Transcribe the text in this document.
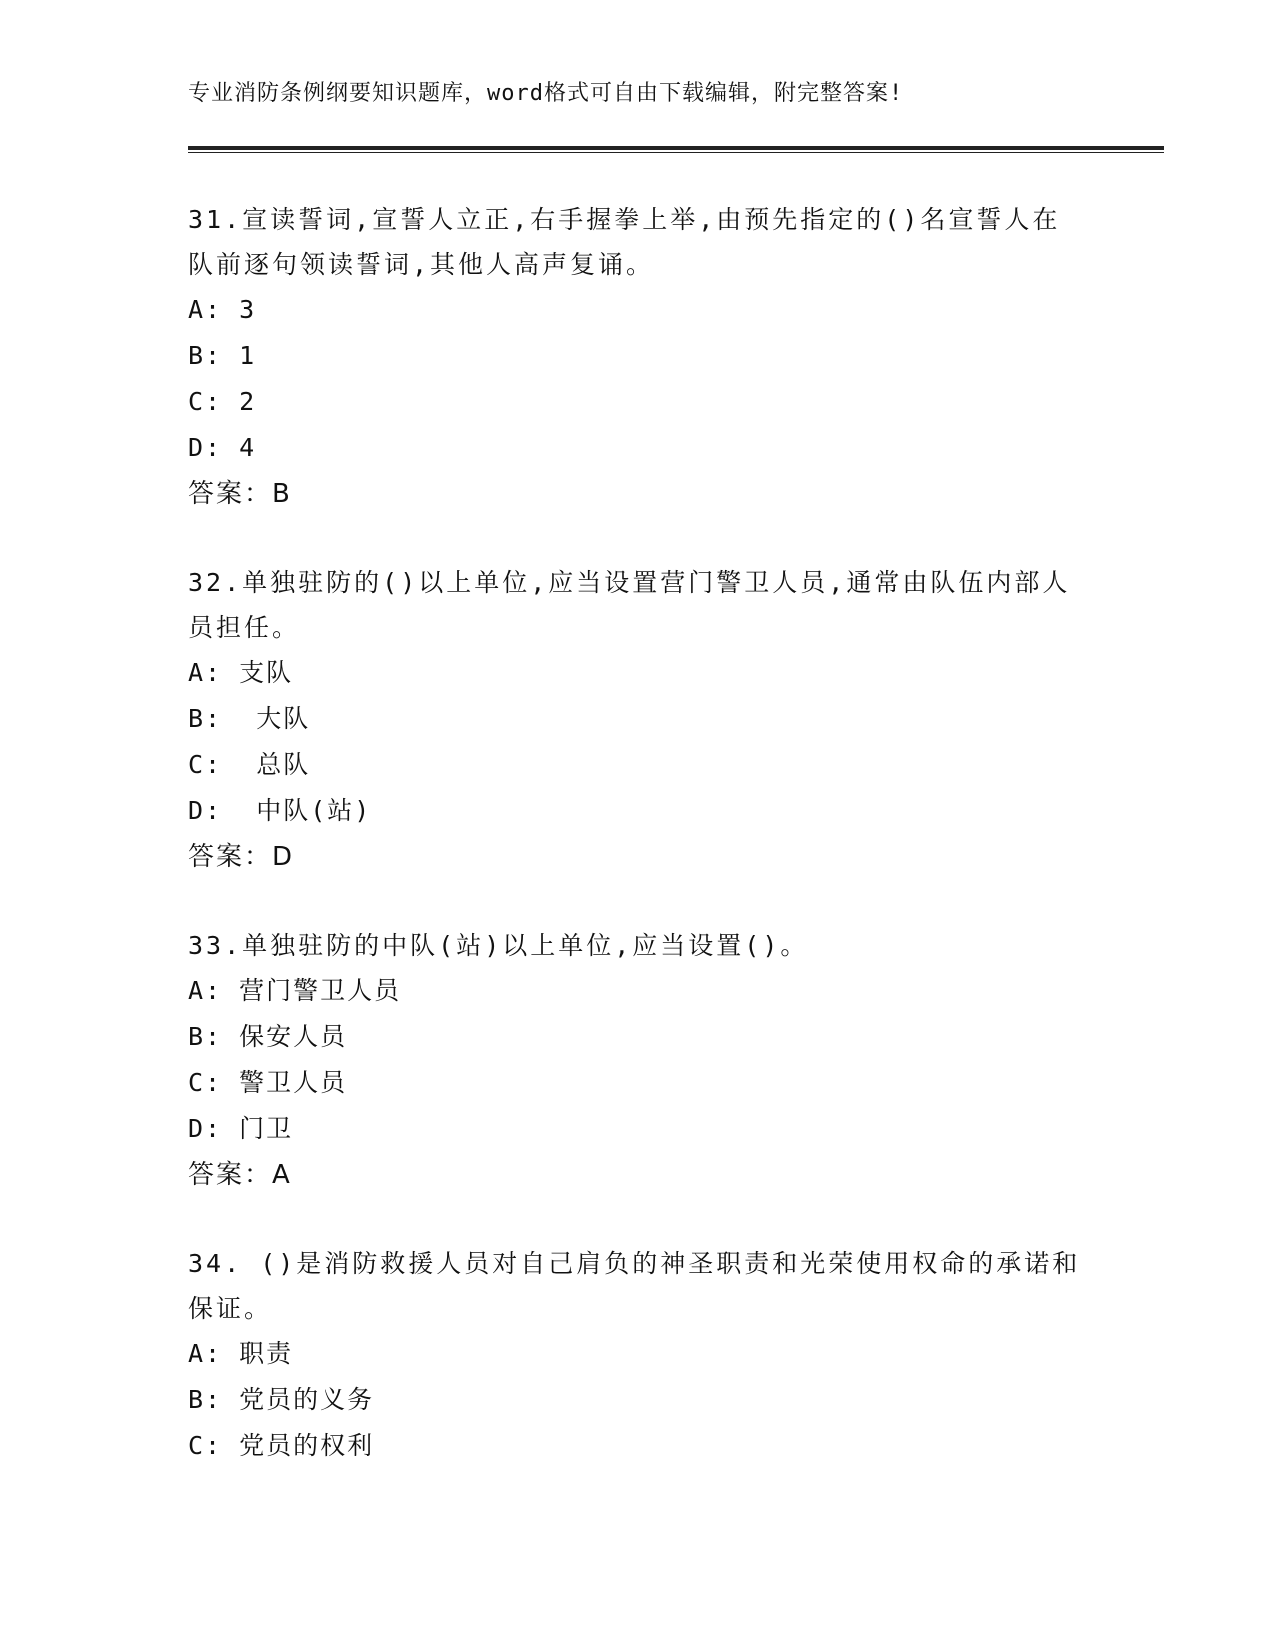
专业消防条例纲要知识题库，word格式可自由下载编辑，附完整答案!

31.宣读誓词,宣誓人立正,右手握拳上举,由预先指定的()名宣誓人在队前逐句领读誓词,其他人高声复诵。

A: 3
B: 1
C: 2
D: 4
答案：B

32.单独驻防的()以上单位,应当设置营门警卫人员,通常由队伍内部人员担任。

A: 支队
B:  大队
C:  总队
D:  中队(站)
答案：D

33.单独驻防的中队(站)以上单位,应当设置()。

A: 营门警卫人员
B: 保安人员
C: 警卫人员
D: 门卫
答案：A

34. ()是消防救援人员对自己肩负的神圣职责和光荣使用权命的承诺和保证。

A: 职责
B: 党员的义务
C: 党员的权利
